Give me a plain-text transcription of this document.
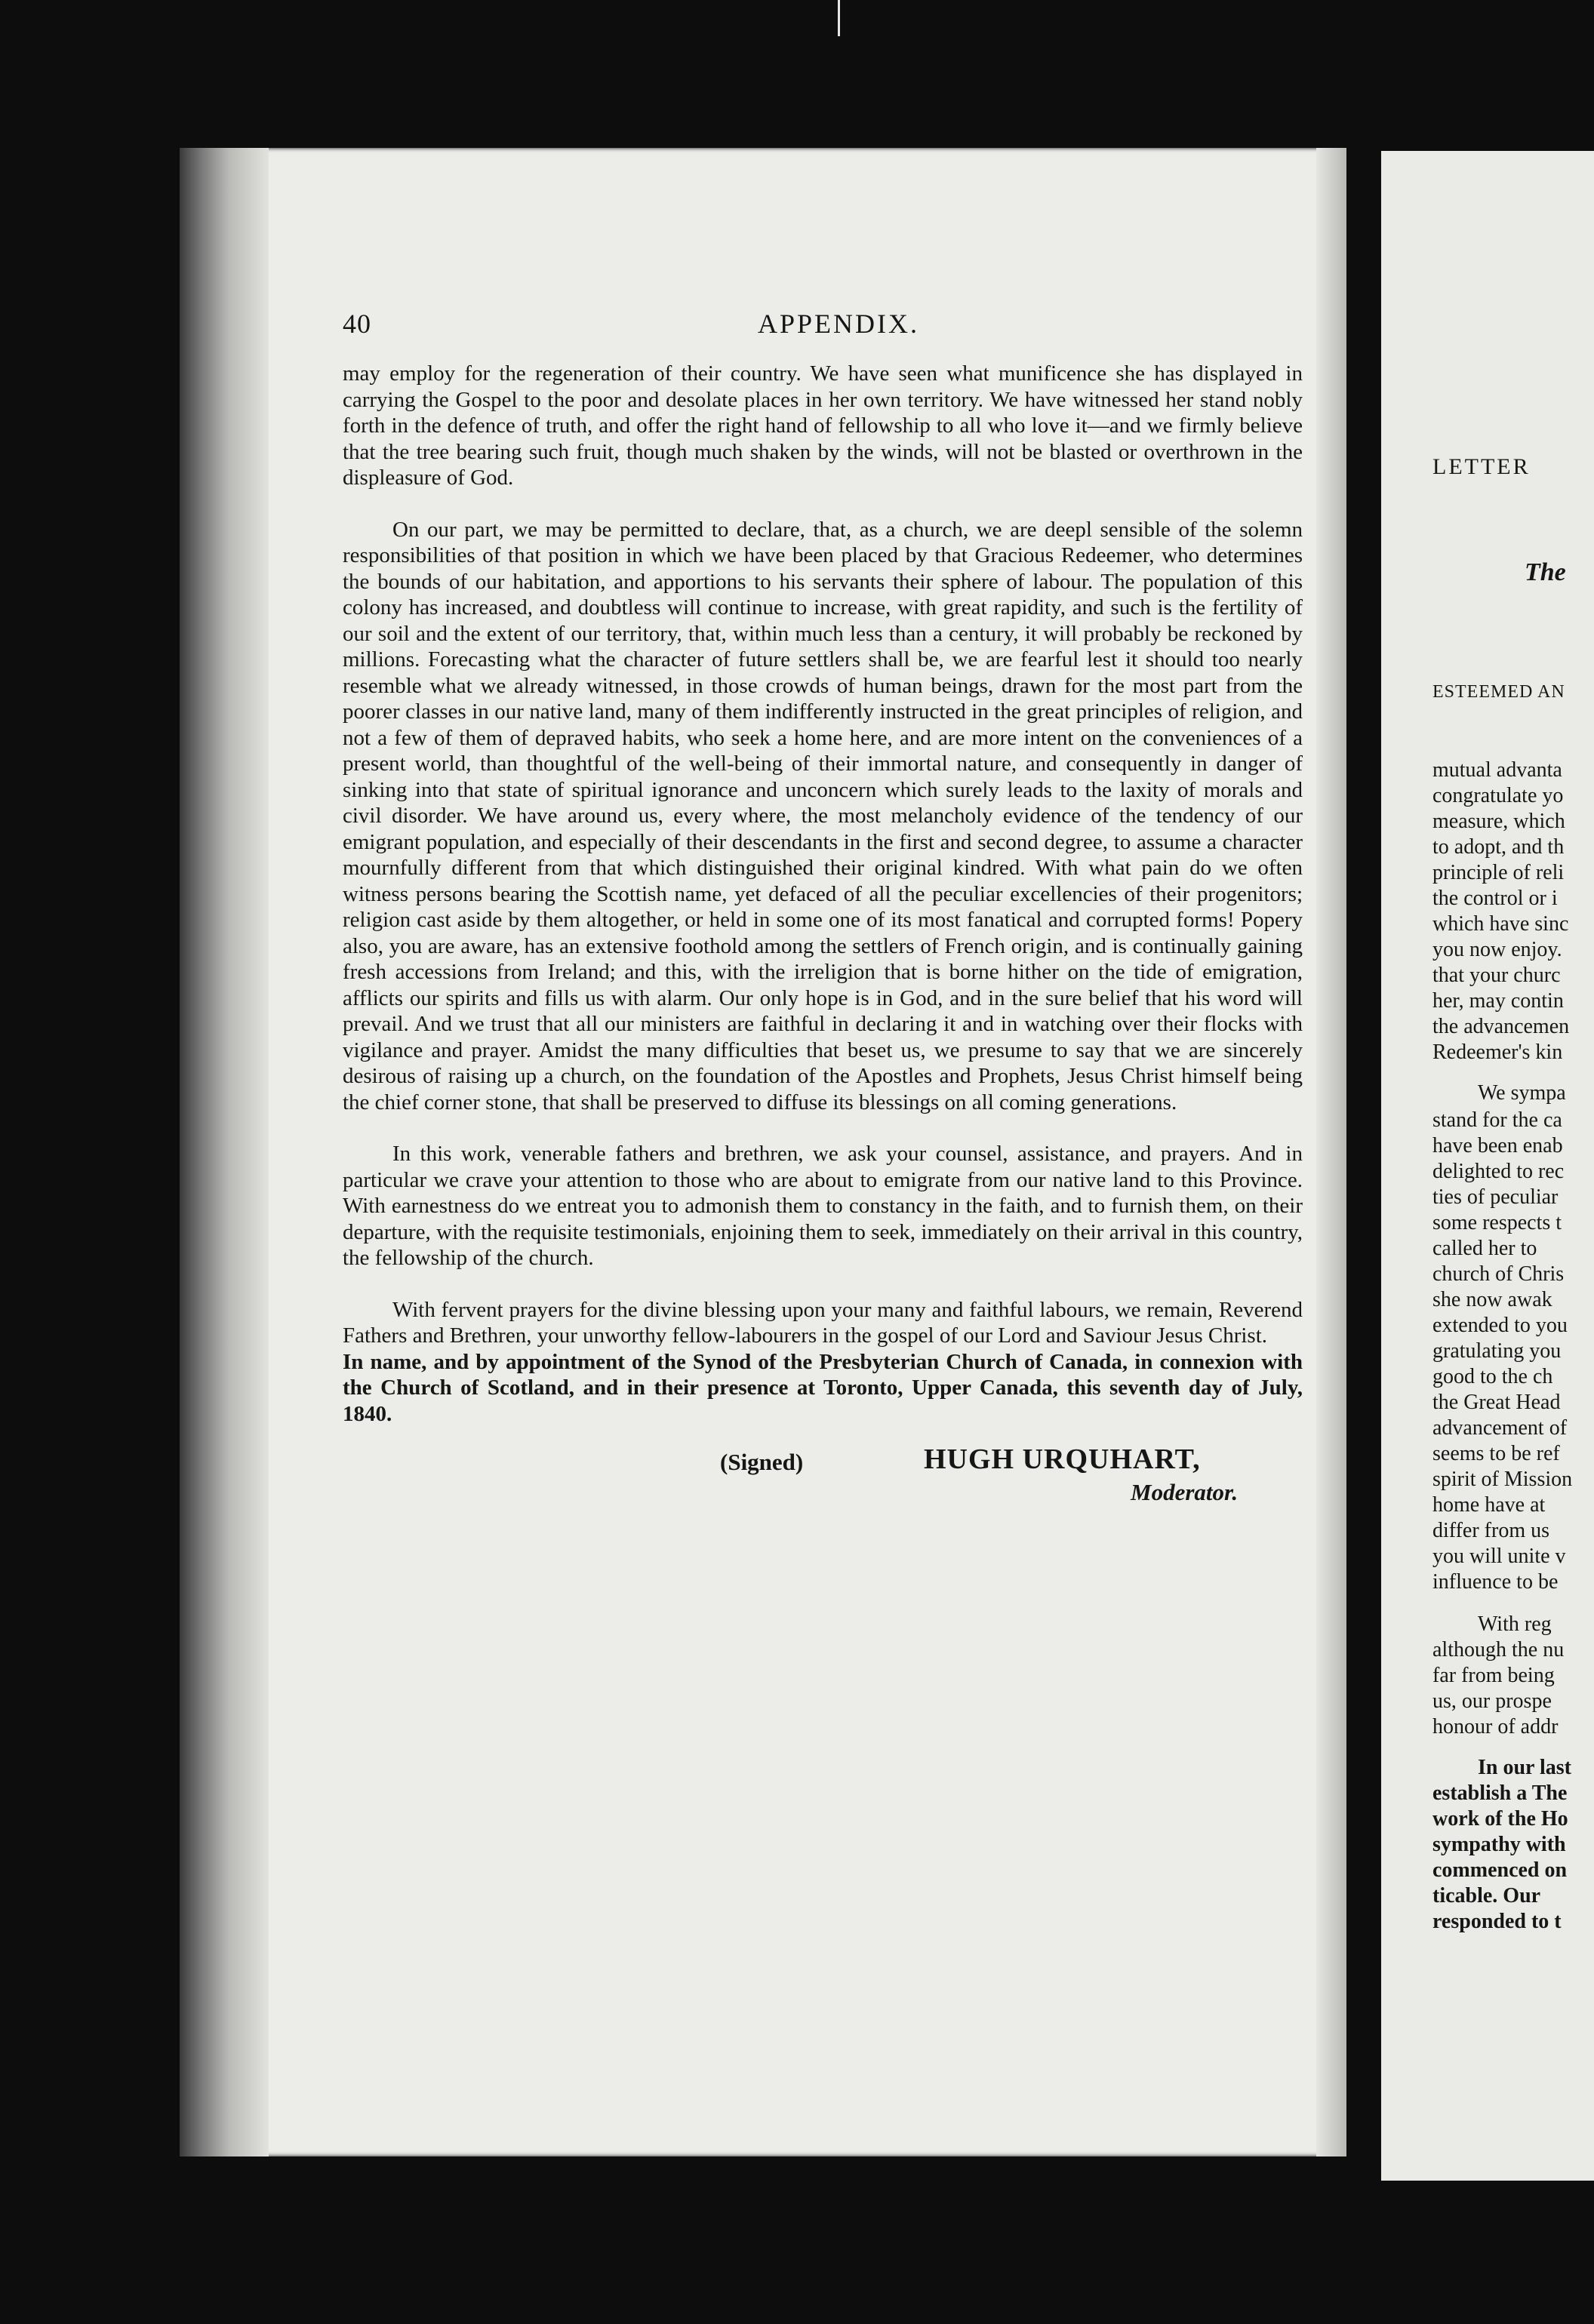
40	APPENDIX.

may employ for the regeneration of their country. We have seen what munificence she has displayed in carrying the Gospel to the poor and desolate places in her own territory. We have witnessed her stand nobly forth in the defence of truth, and offer the right hand of fellowship to all who love it—and we firmly believe that the tree bearing such fruit, though much shaken by the winds, will not be blasted or overthrown in the displeasure of God.

On our part, we may be permitted to declare, that, as a church, we are deepl sensible of the solemn responsibilities of that position in which we have been placed by that Gracious Redeemer, who determines the bounds of our habitation, and apportions to his servants their sphere of labour. The population of this colony has increased, and doubtless will continue to increase, with great rapidity, and such is the fertility of our soil and the extent of our territory, that, within much less than a century, it will probably be reckoned by millions. Forecasting what the character of future settlers shall be, we are fearful lest it should too nearly resemble what we already witnessed, in those crowds of human beings, drawn for the most part from the poorer classes in our native land, many of them indifferently instructed in the great principles of religion, and not a few of them of depraved habits, who seek a home here, and are more intent on the conveniences of a present world, than thoughtful of the well-being of their immortal nature, and consequently in danger of sinking into that state of spiritual ignorance and unconcern which surely leads to the laxity of morals and civil disorder. We have around us, every where, the most melancholy evidence of the tendency of our emigrant population, and especially of their descendants in the first and second degree, to assume a character mournfully different from that which distinguished their original kindred. With what pain do we often witness persons bearing the Scottish name, yet defaced of all the peculiar excellencies of their progenitors; religion cast aside by them altogether, or held in some one of its most fanatical and corrupted forms! Popery also, you are aware, has an extensive foothold among the settlers of French origin, and is continually gaining fresh accessions from Ireland; and this, with the irreligion that is borne hither on the tide of emigration, afflicts our spirits and fills us with alarm. Our only hope is in God, and in the sure belief that his word will prevail. And we trust that all our ministers are faithful in declaring it and in watching over their flocks with vigilance and prayer. Amidst the many difficulties that beset us, we presume to say that we are sincerely desirous of raising up a church, on the foundation of the Apostles and Prophets, Jesus Christ himself being the chief corner stone, that shall be preserved to diffuse its blessings on all coming generations.

In this work, venerable fathers and brethren, we ask your counsel, assistance, and prayers. And in particular we crave your attention to those who are about to emigrate from our native land to this Province. With earnestness do we entreat you to admonish them to constancy in the faith, and to furnish them, on their departure, with the requisite testimonials, enjoining them to seek, immediately on their arrival in this country, the fellowship of the church.

With fervent prayers for the divine blessing upon your many and faithful labours, we remain, Reverend Fathers and Brethren, your unworthy fellow-labourers in the gospel of our Lord and Saviour Jesus Christ.

In name, and by appointment of the Synod of the Presbyterian Church of Canada, in connexion with the Church of Scotland, and in their presence at Toronto, Upper Canada, this seventh day of July, 1840.

(Signed)	HUGH URQUHART,
Moderator.
LETTER
The
ESTEEMED AN
mutual advanta
congratulate yo
measure, which
to adopt, and th
principle of reli
the control or i
which have sinc
you now enjoy.
that your churc
her, may contin
the advancemen
Redeemer's kin
We sympa
stand for the ca
have been enab
delighted to rec
ties of peculiar
some respects t
called her to
church of Chris
she now awak
extended to you
gratulating you
good to the ch
the Great Head
advancement of
seems to be ref
spirit of Mission
home have at
differ from us
you will unite v
influence to be
With reg
although the nu
far from being
us, our prospe
honour of addr
In our last
establish a The
work of the Ho
sympathy with
commenced on
ticable. Our
responded to t
